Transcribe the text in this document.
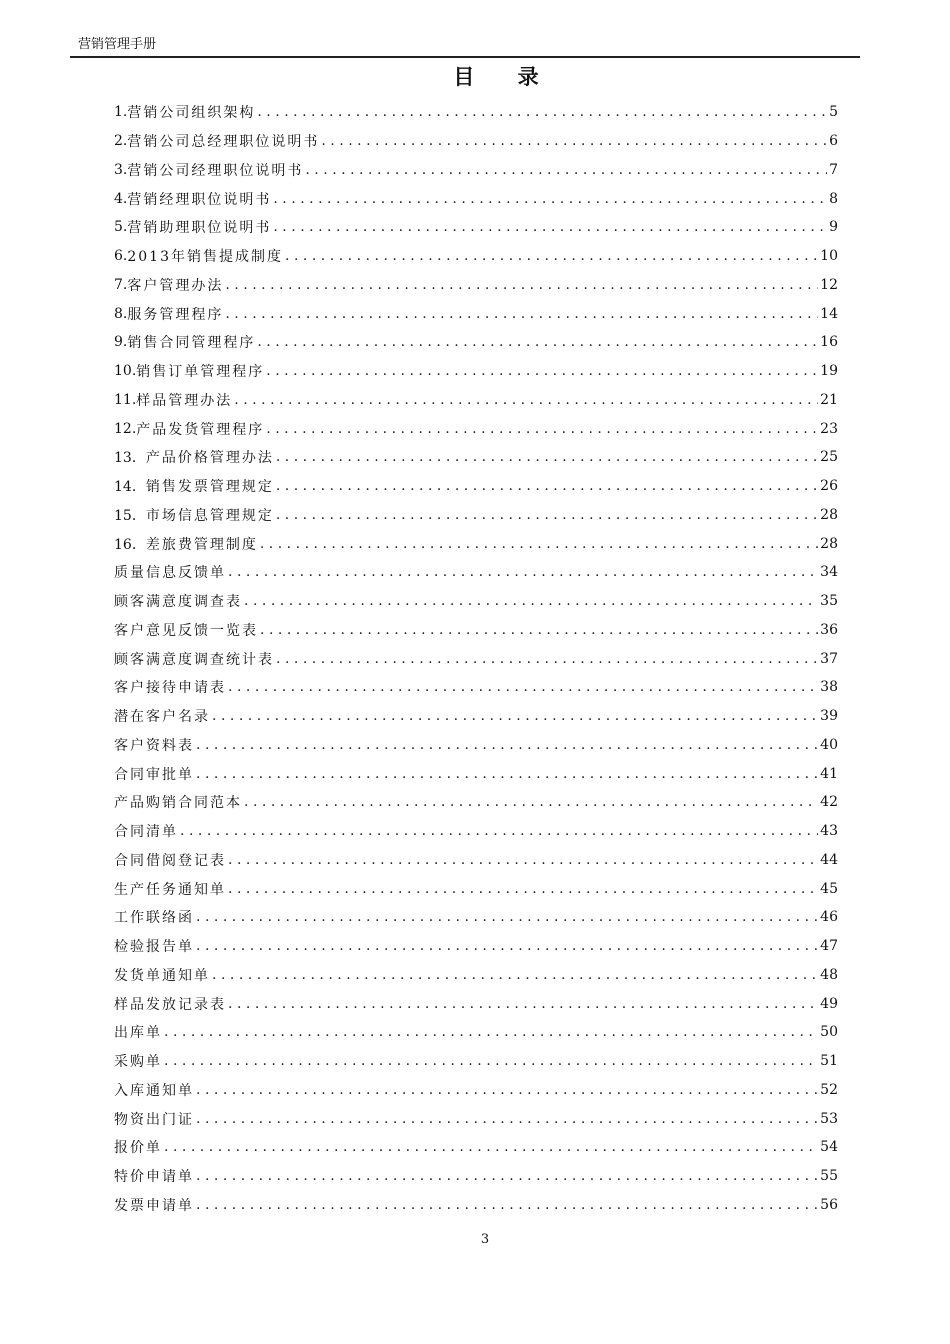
营销管理手册
目 录
1. 营销公司组织架构 .....	5
2. 营销公司总经理职位说明书 .....	6
3. 营销公司经理职位说明书 .....	7
4. 营销经理职位说明书 .....	8
5. 营销助理职位说明书 .....	9
6. 2013年销售提成制度 .....	10
7. 客户管理办法 .....	12
8. 服务管理程序 .....	14
9. 销售合同管理程序 .....	16
10. 销售订单管理程序 .....	19
11. 样品管理办法 .....	21
12. 产品发货管理程序 .....	23
13． 产品价格管理办法 .....	25
14． 销售发票管理规定 .....	26
15． 市场信息管理规定 .....	28
16． 差旅费管理制度 .....	28
质量信息反馈单 .....	34
顾客满意度调查表 .....	35
客户意见反馈一览表 .....	36
顾客满意度调查统计表 .....	37
客户接待申请表 .....	38
潜在客户名录 .....	39
客户资料表 .....	40
合同审批单 .....	41
产品购销合同范本 .....	42
合同清单 .....	43
合同借阅登记表 .....	44
生产任务通知单 .....	45
工作联络函 .....	46
检验报告单 .....	47
发货单通知单 .....	48
样品发放记录表 .....	49
出库单 .....	50
采购单 .....	51
入库通知单 .....	52
物资出门证 .....	53
报价单 .....	54
特价申请单 .....	55
发票申请单 .....	56
3
